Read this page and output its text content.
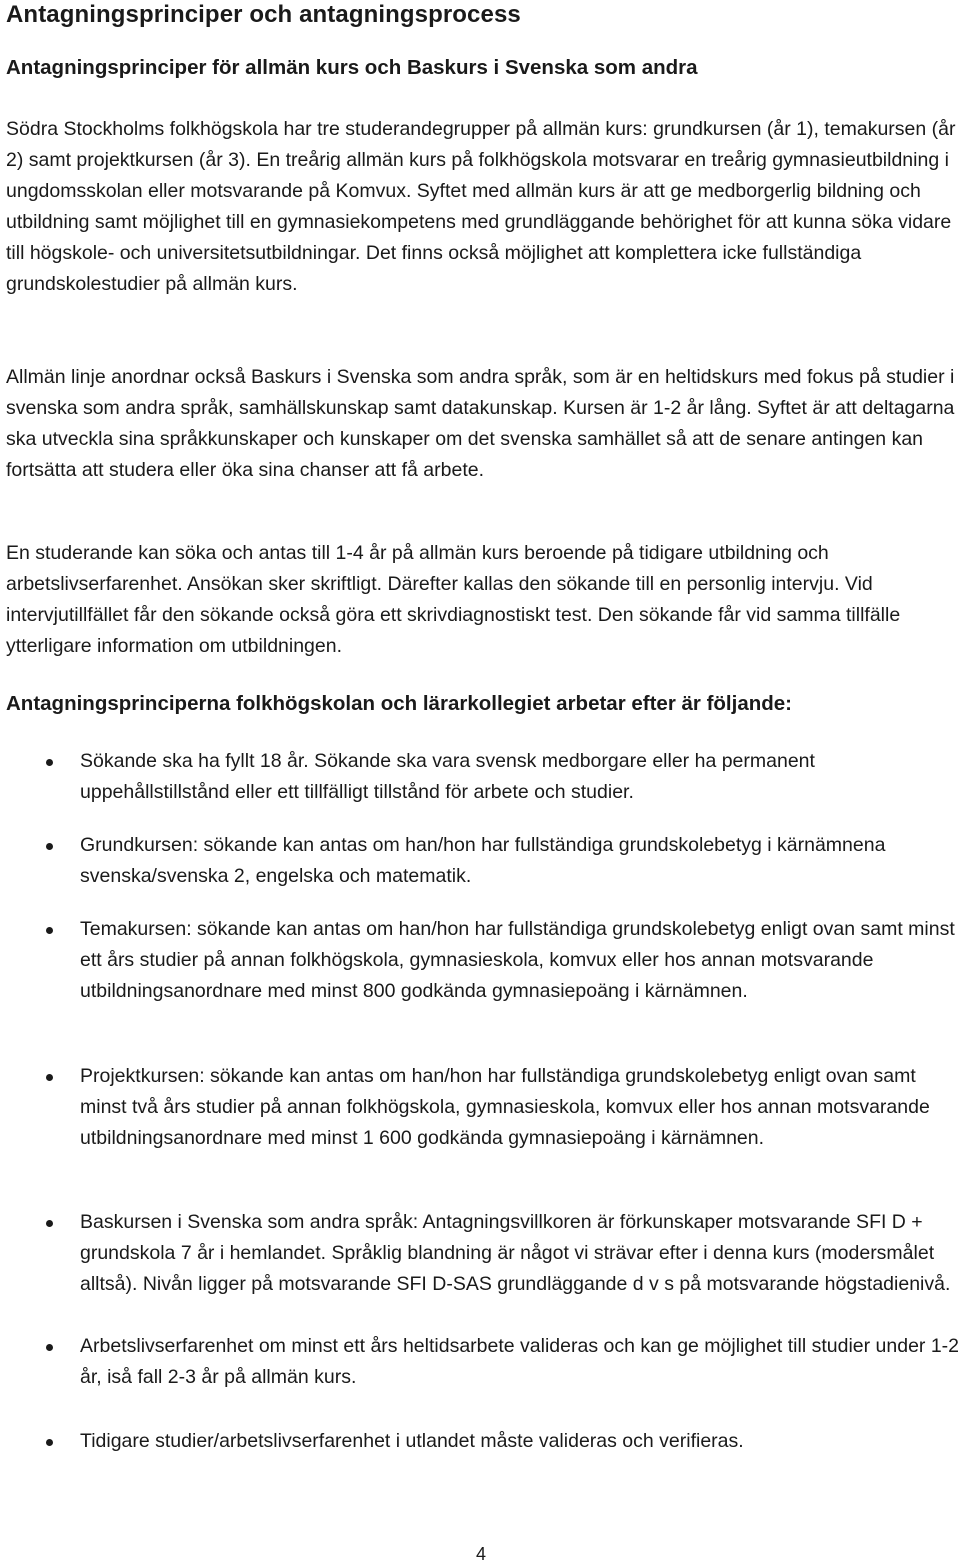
Antagningsprinciper och antagningsprocess
Antagningsprinciper för allmän kurs och Baskurs i Svenska som andra

Södra Stockholms folkhögskola har tre studerandegrupper på allmän kurs: grundkursen (år 1), temakursen (år 2) samt projektkursen (år 3). En treårig allmän kurs på folkhögskola motsvarar en treårig gymnasieutbildning i ungdomsskolan eller motsvarande på Komvux. Syftet med allmän kurs är att ge medborgerlig bildning och utbildning samt möjlighet till en gymnasiekompetens med grundläggande behörighet för att kunna söka vidare till högskole- och universitetsutbildningar. Det finns också möjlighet att komplettera icke fullständiga grundskolestudier på allmän kurs.

Allmän linje anordnar också Baskurs i Svenska som andra språk, som är en heltidskurs med fokus på studier i svenska som andra språk, samhällskunskap samt datakunskap. Kursen är 1-2 år lång. Syftet är att deltagarna ska utveckla sina språkkunskaper och kunskaper om det svenska samhället så att de senare antingen kan fortsätta att studera eller öka sina chanser att få arbete.

En studerande kan söka och antas till 1-4 år på allmän kurs beroende på tidigare utbildning och arbetslivserfarenhet. Ansökan sker skriftligt. Därefter kallas den sökande till en personlig intervju. Vid intervjutillfället får den sökande också göra ett skrivdiagnostiskt test. Den sökande får vid samma tillfälle ytterligare information om utbildningen.

Antagningsprinciperna folkhögskolan och lärarkollegiet arbetar efter är följande:
Sökande ska ha fyllt 18 år. Sökande ska vara svensk medborgare eller ha permanent uppehållstillstånd eller ett tillfälligt tillstånd för arbete och studier.
Grundkursen: sökande kan antas om han/hon har fullständiga grundskolebetyg i kärnämnena svenska/svenska 2, engelska och matematik.
Temakursen: sökande kan antas om han/hon har fullständiga grundskolebetyg enligt ovan samt minst ett års studier på annan folkhögskola, gymnasieskola, komvux eller hos annan motsvarande utbildningsanordnare med minst 800 godkända gymnasiepoäng i kärnämnen.
Projektkursen: sökande kan antas om han/hon har fullständiga grundskolebetyg enligt ovan samt minst två års studier på annan folkhögskola, gymnasieskola, komvux eller hos annan motsvarande utbildningsanordnare med minst 1 600 godkända gymnasiepoäng i kärnämnen.
Baskursen i Svenska som andra språk: Antagningsvillkoren är förkunskaper motsvarande SFI D + grundskola 7 år i hemlandet. Språklig blandning är något vi strävar efter i denna kurs (modersmålet alltså). Nivån ligger på motsvarande SFI D-SAS grundläggande d v s på motsvarande högstadienivå.
Arbetslivserfarenhet om minst ett års heltidsarbete valideras och kan ge möjlighet till studier under 1-2 år, iså fall 2-3 år på allmän kurs.
Tidigare studier/arbetslivserfarenhet i utlandet måste valideras och verifieras.
4
